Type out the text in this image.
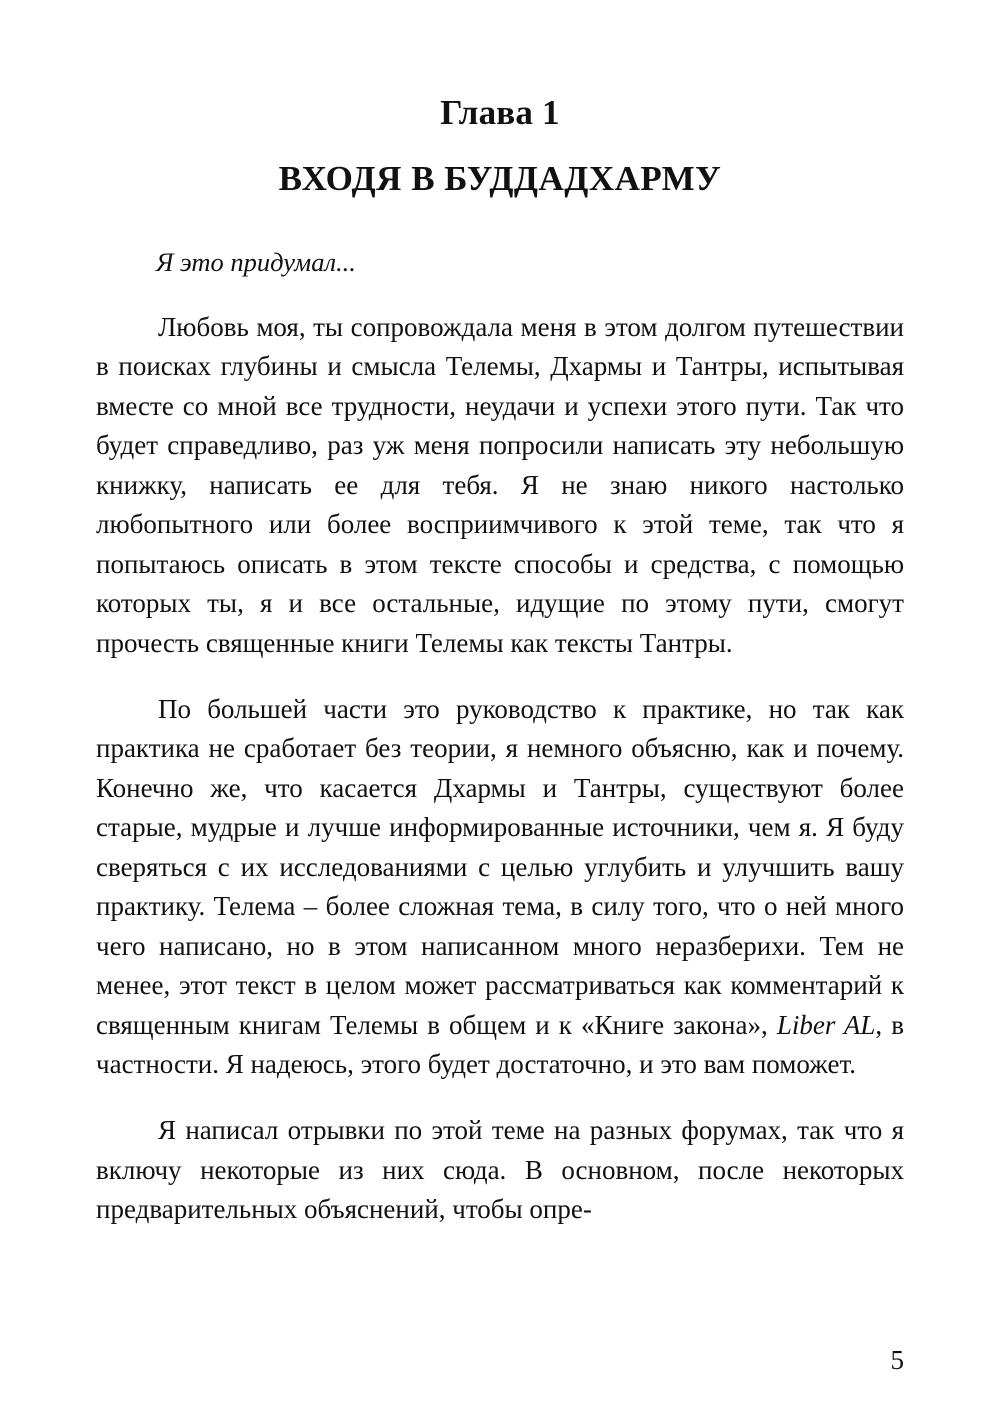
Глава 1
ВХОДЯ В БУДДАДХАРМУ

Я это придумал...

Любовь моя, ты сопровождала меня в этом долгом путешествии в поисках глубины и смысла Телемы, Дхармы и Тантры, испытывая вместе со мной все трудности, неудачи и успехи этого пути. Так что будет справедливо, раз уж меня попросили написать эту небольшую книжку, написать ее для тебя. Я не знаю никого настолько любопытного или более восприимчивого к этой теме, так что я попытаюсь описать в этом тексте способы и средства, с помощью которых ты, я и все остальные, идущие по этому пути, смогут прочесть священные книги Телемы как тексты Тантры.

По большей части это руководство к практике, но так как практика не сработает без теории, я немного объясню, как и почему. Конечно же, что касается Дхармы и Тантры, существуют более старые, мудрые и лучше информированные источники, чем я. Я буду сверяться с их исследованиями с целью углубить и улучшить вашу практику. Телема – более сложная тема, в силу того, что о ней много чего написано, но в этом написанном много неразберихи. Тем не менее, этот текст в целом может рассматриваться как комментарий к священным книгам Телемы в общем и к «Книге закона», Liber AL, в частности. Я надеюсь, этого будет достаточно, и это вам поможет.

Я написал отрывки по этой теме на разных форумах, так что я включу некоторые из них сюда. В основном, после некоторых предварительных объяснений, чтобы опре-

5
